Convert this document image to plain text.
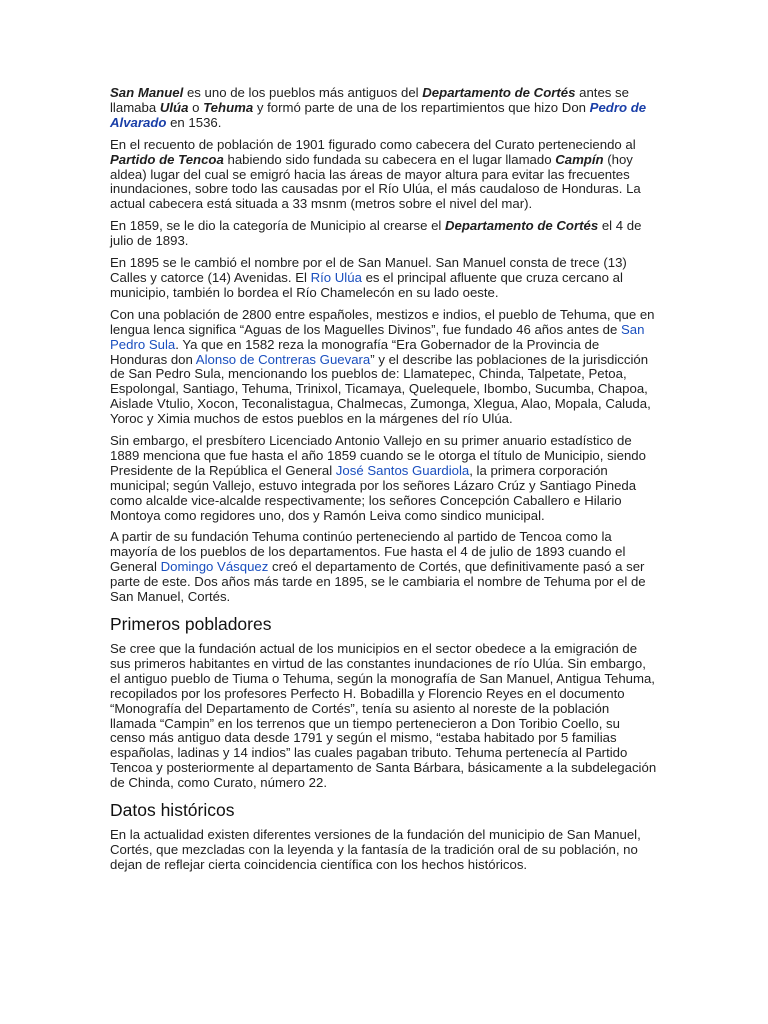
San Manuel es uno de los pueblos más antiguos del Departamento de Cortés antes se llamaba Ulúa o Tehuma y formó parte de una de los repartimientos que hizo Don Pedro de Alvarado en 1536.

En el recuento de población de 1901 figurado como cabecera del Curato perteneciendo al Partido de Tencoa habiendo sido fundada su cabecera en el lugar llamado Campín (hoy aldea) lugar del cual se emigró hacia las áreas de mayor altura para evitar las frecuentes inundaciones, sobre todo las causadas por el Río Ulúa, el más caudaloso de Honduras. La actual cabecera está situada a 33 msnm (metros sobre el nivel del mar).

En 1859, se le dio la categoría de Municipio al crearse el Departamento de Cortés el 4 de julio de 1893.

En 1895 se le cambió el nombre por el de San Manuel. San Manuel consta de trece (13) Calles y catorce (14) Avenidas. El Río Ulúa es el principal afluente que cruza cercano al municipio, también lo bordea el Río Chamelecón en su lado oeste.

Con una población de 2800 entre españoles, mestizos e indios, el pueblo de Tehuma, que en lengua lenca significa “Aguas de los Maguelles Divinos”, fue fundado 46 años antes de San Pedro Sula. Ya que en 1582 reza la monografía “Era Gobernador de la Provincia de Honduras don Alonso de Contreras Guevara” y el describe las poblaciones de la jurisdicción de San Pedro Sula, mencionando los pueblos de: Llamatepec, Chinda, Talpetate, Petoa, Espolongal, Santiago, Tehuma, Trinixol, Ticamaya, Quelequele, Ibombo, Sucumba, Chapoa, Aislade Vtulio, Xocon, Teconalistagua, Chalmecas, Zumonga, Xlegua, Alao, Mopala, Caluda, Yoroc y Ximia muchos de estos pueblos en la márgenes del río Ulúa.

Sin embargo, el presbítero Licenciado Antonio Vallejo en su primer anuario estadístico de 1889 menciona que fue hasta el año 1859 cuando se le otorga el título de Municipio, siendo Presidente de la República el General José Santos Guardiola, la primera corporación municipal; según Vallejo, estuvo integrada por los señores Lázaro Crúz y Santiago Pineda como alcalde vice-alcalde respectivamente; los señores Concepción Caballero e Hilario Montoya como regidores uno, dos y Ramón Leiva como sindico municipal.

A partir de su fundación Tehuma continúo perteneciendo al partido de Tencoa como la mayoría de los pueblos de los departamentos. Fue hasta el 4 de julio de 1893 cuando el General Domingo Vásquez creó el departamento de Cortés, que definitivamente pasó a ser parte de este. Dos años más tarde en 1895, se le cambiaria el nombre de Tehuma por el de San Manuel, Cortés.

Primeros pobladores

Se cree que la fundación actual de los municipios en el sector obedece a la emigración de sus primeros habitantes en virtud de las constantes inundaciones de río Ulúa. Sin embargo, el antiguo pueblo de Tiuma o Tehuma, según la monografía de San Manuel, Antigua Tehuma, recopilados por los profesores Perfecto H. Bobadilla y Florencio Reyes en el documento “Monografía del Departamento de Cortés”, tenía su asiento al noreste de la población llamada “Campin” en los terrenos que un tiempo pertenecieron a Don Toribio Coello, su censo más antiguo data desde 1791 y según el mismo, “estaba habitado por 5 familias españolas, ladinas y 14 indios” las cuales pagaban tributo. Tehuma pertenecía al Partido Tencoa y posteriormente al departamento de Santa Bárbara, básicamente a la subdelegación de Chinda, como Curato, número 22.

Datos históricos

En la actualidad existen diferentes versiones de la fundación del municipio de San Manuel, Cortés, que mezcladas con la leyenda y la fantasía de la tradición oral de su población, no dejan de reflejar cierta coincidencia científica con los hechos históricos.
